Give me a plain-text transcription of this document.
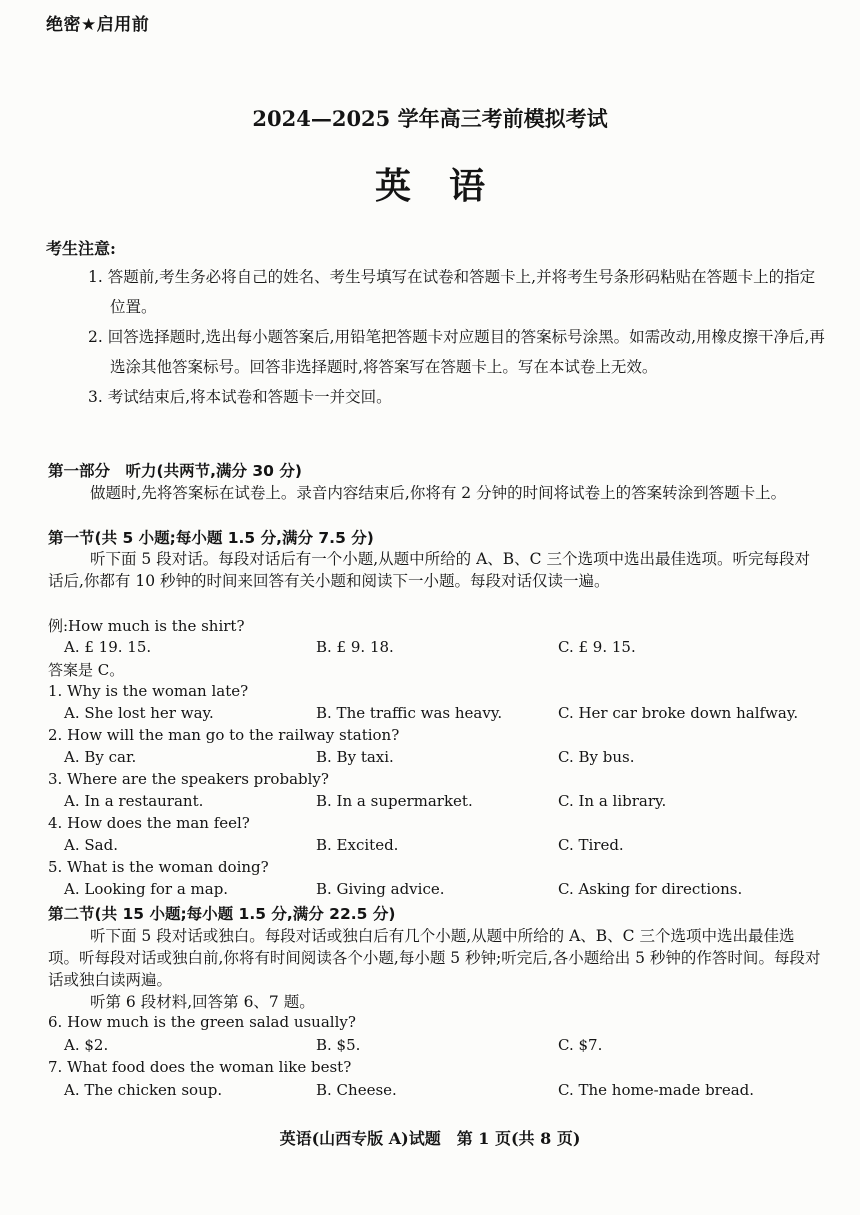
绝密★启用前
2024—2025 学年高三考前模拟考试
英语
考生注意:
1. 答题前,考生务必将自己的姓名、考生号填写在试卷和答题卡上,并将考生号条形码粘贴在答题卡上的指定位置。
2. 回答选择题时,选出每小题答案后,用铅笔把答题卡对应题目的答案标号涂黑。如需改动,用橡皮擦干净后,再选涂其他答案标号。回答非选择题时,将答案写在答题卡上。写在本试卷上无效。
3. 考试结束后,将本试卷和答题卡一并交回。
第一部分　听力(共两节,满分 30 分)
做题时,先将答案标在试卷上。录音内容结束后,你将有 2 分钟的时间将试卷上的答案转涂到答题卡上。
第一节(共 5 小题;每小题 1.5 分,满分 7.5 分)
听下面 5 段对话。每段对话后有一个小题,从题中所给的 A、B、C 三个选项中选出最佳选项。听完每段对话后,你都有 10 秒钟的时间来回答有关小题和阅读下一小题。每段对话仅读一遍。
例:How much is the shirt?
A. £ 19. 15.	B. £ 9. 18.	C. £ 9. 15.
答案是 C。
1. Why is the woman late?
A. She lost her way.	B. The traffic was heavy.	C. Her car broke down halfway.
2. How will the man go to the railway station?
A. By car.	B. By taxi.	C. By bus.
3. Where are the speakers probably?
A. In a restaurant.	B. In a supermarket.	C. In a library.
4. How does the man feel?
A. Sad.	B. Excited.	C. Tired.
5. What is the woman doing?
A. Looking for a map.	B. Giving advice.	C. Asking for directions.
第二节(共 15 小题;每小题 1.5 分,满分 22.5 分)
听下面 5 段对话或独白。每段对话或独白后有几个小题,从题中所给的 A、B、C 三个选项中选出最佳选项。听每段对话或独白前,你将有时间阅读各个小题,每小题 5 秒钟;听完后,各小题给出 5 秒钟的作答时间。每段对话或独白读两遍。
听第 6 段材料,回答第 6、7 题。
6. How much is the green salad usually?
A. $2.	B. $5.	C. $7.
7. What food does the woman like best?
A. The chicken soup.	B. Cheese.	C. The home-made bread.
英语(山西专版 A)试题　第 1 页(共 8 页)
